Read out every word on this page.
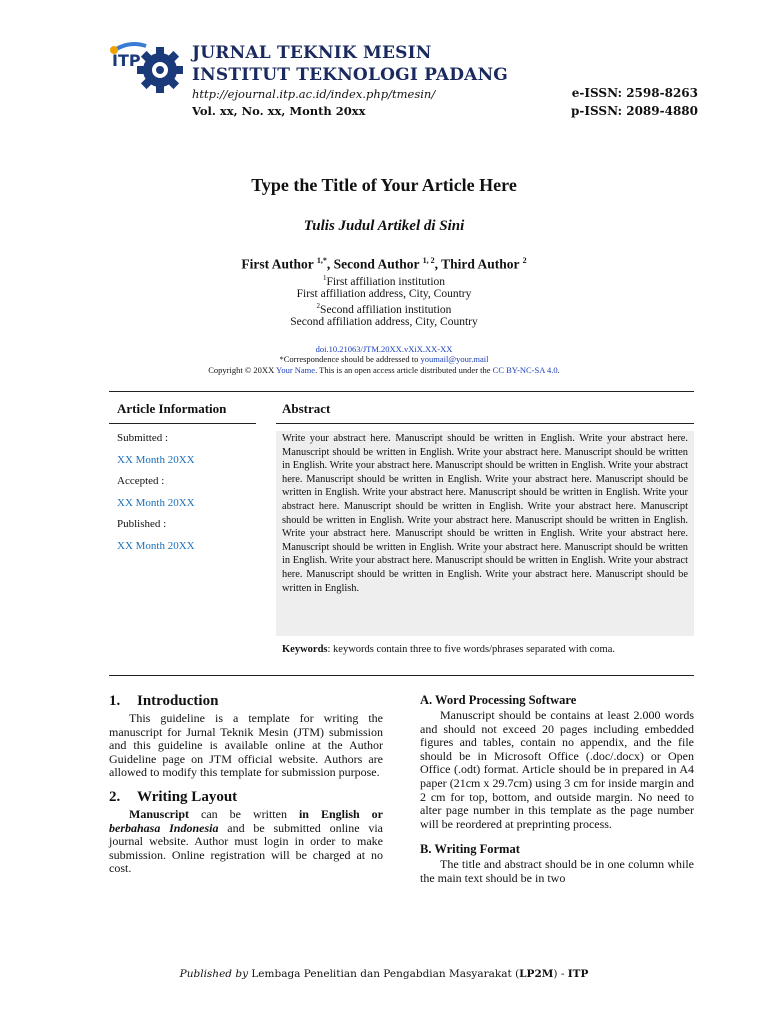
ITP	JURNAL TEKNIK MESIN
INSTITUT TEKNOLOGI PADANG
http://ejournal.itp.ac.id/index.php/tmesin/
Vol. xx, No. xx, Month 20xx
e-ISSN: 2598-8263
p-ISSN: 2089-4880
Type the Title of Your Article Here
Tulis Judul Artikel di Sini
First Author $^{1,*}$, Second Author $^{1, 2}$, Third Author $^2$
$^1$First affiliation institution
First affiliation address, City, Country
$^2$Second affiliation institution
Second affiliation address, City, Country
doi.10.21063/JTM.20XX.vXiX.XX-XX
*Correspondence should be addressed to youmail@your.mail
Copyright © 20XX Your Name. This is an open access article distributed under the CC BY-NC-SA 4.0.
Article Information	Abstract
Submitted :
XX Month 20XX
Accepted :
XX Month 20XX
Published :
XX Month 20XX
Write your abstract here. Manuscript should be written in English. Write your abstract here. Manuscript should be written in English. Write your abstract here. Manuscript should be written in English. Write your abstract here. Manuscript should be written in English. Write your abstract here. Manuscript should be written in English. Write your abstract here. Manuscript should be written in English. Write your abstract here. Manuscript should be written in English. Write your abstract here. Manuscript should be written in English. Write your abstract here. Manuscript should be written in English. Write your abstract here. Manuscript should be written in English. Write your abstract here. Manuscript should be written in English. Write your abstract here. Manuscript should be written in English. Write your abstract here. Manuscript should be written in English. Write your abstract here. Manuscript should be written in English. Write your abstract here. Manuscript should be written in English. Write your abstract here. Manuscript should be written in English.
Keywords: keywords contain three to five words/phrases separated with coma.
1. Introduction
This guideline is a template for writing the manuscript for Jurnal Teknik Mesin (JTM) submission and this guideline is available online at the Author Guideline page on JTM official website. Authors are allowed to modify this template for submission purpose.
2. Writing Layout
Manuscript can be written in English or berbahasa Indonesia and be submitted online via journal website. Author must login in order to make submission. Online registration will be charged at no cost.
A. Word Processing Software
Manuscript should be contains at least 2.000 words and should not exceed 20 pages including embedded figures and tables, contain no appendix, and the file should be in Microsoft Office (.doc/.docx) or Open Office (.odt) format. Article should be in prepared in A4 paper (21cm x 29.7cm) using 3 cm for inside margin and 2 cm for top, bottom, and outside margin. No need to alter page number in this template as the page number will be reordered at preprinting process.
B. Writing Format
The title and abstract should be in one column while the main text should be in two
Published by Lembaga Penelitian dan Pengabdian Masyarakat (LP2M) - ITP
